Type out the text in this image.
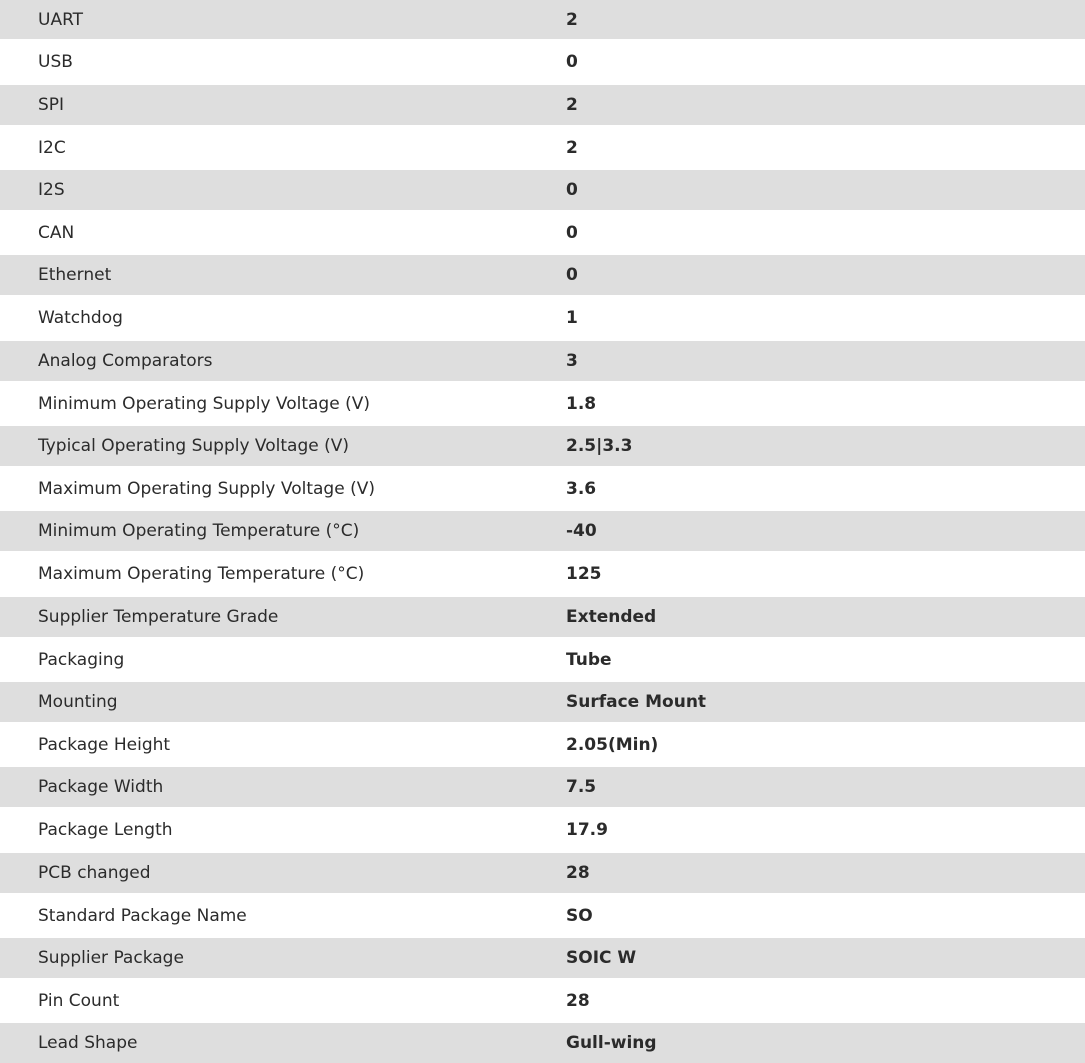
UART	2
USB	0
SPI	2
I2C	2
I2S	0
CAN	0
Ethernet	0
Watchdog	1
Analog Comparators	3
Minimum Operating Supply Voltage (V)	1.8
Typical Operating Supply Voltage (V)	2.5|3.3
Maximum Operating Supply Voltage (V)	3.6
Minimum Operating Temperature (°C)	-40
Maximum Operating Temperature (°C)	125
Supplier Temperature Grade	Extended
Packaging	Tube
Mounting	Surface Mount
Package Height	2.05(Min)
Package Width	7.5
Package Length	17.9
PCB changed	28
Standard Package Name	SO
Supplier Package	SOIC W
Pin Count	28
Lead Shape	Gull-wing
